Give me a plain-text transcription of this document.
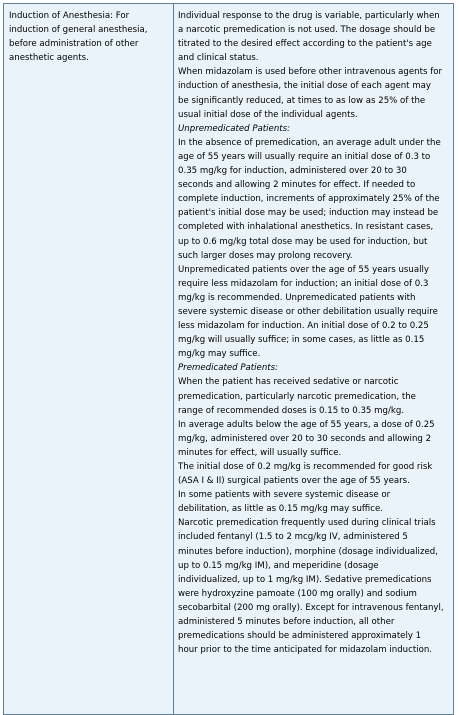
Induction of Anesthesia: For
induction of general anesthesia,
before administration of other
anesthetic agents.
Individual response to the drug is variable, particularly when
a narcotic premedication is not used. The dosage should be
titrated to the desired effect according to the patient's age
and clinical status.
When midazolam is used before other intravenous agents for
induction of anesthesia, the initial dose of each agent may
be significantly reduced, at times to as low as 25% of the
usual initial dose of the individual agents.
Unpremedicated Patients:
In the absence of premedication, an average adult under the
age of 55 years will usually require an initial dose of 0.3 to
0.35 mg/kg for induction, administered over 20 to 30
seconds and allowing 2 minutes for effect. If needed to
complete induction, increments of approximately 25% of the
patient's initial dose may be used; induction may instead be
completed with inhalational anesthetics. In resistant cases,
up to 0.6 mg/kg total dose may be used for induction, but
such larger doses may prolong recovery.
Unpremedicated patients over the age of 55 years usually
require less midazolam for induction; an initial dose of 0.3
mg/kg is recommended. Unpremedicated patients with
severe systemic disease or other debilitation usually require
less midazolam for induction. An initial dose of 0.2 to 0.25
mg/kg will usually suffice; in some cases, as little as 0.15
mg/kg may suffice.
Premedicated Patients:
When the patient has received sedative or narcotic
premedication, particularly narcotic premedication, the
range of recommended doses is 0.15 to 0.35 mg/kg.
In average adults below the age of 55 years, a dose of 0.25
mg/kg, administered over 20 to 30 seconds and allowing 2
minutes for effect, will usually suffice.
The initial dose of 0.2 mg/kg is recommended for good risk
(ASA I & II) surgical patients over the age of 55 years.
In some patients with severe systemic disease or
debilitation, as little as 0.15 mg/kg may suffice.
Narcotic premedication frequently used during clinical trials
included fentanyl (1.5 to 2 mcg/kg IV, administered 5
minutes before induction), morphine (dosage individualized,
up to 0.15 mg/kg IM), and meperidine (dosage
individualized, up to 1 mg/kg IM). Sedative premedications
were hydroxyzine pamoate (100 mg orally) and sodium
secobarbital (200 mg orally). Except for intravenous fentanyl,
administered 5 minutes before induction, all other
premedications should be administered approximately 1
hour prior to the time anticipated for midazolam induction.
